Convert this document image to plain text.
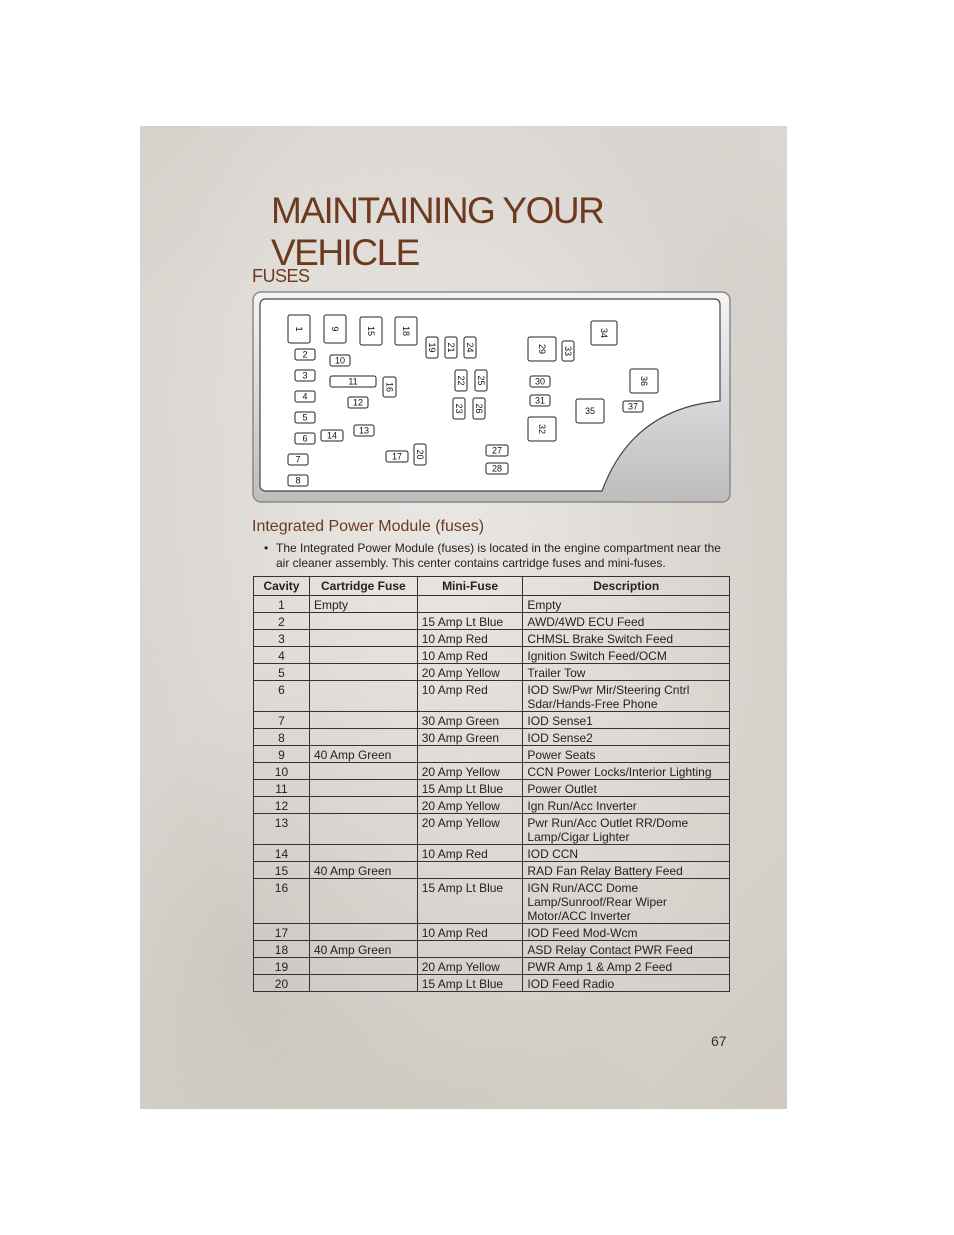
MAINTAINING YOUR VEHICLE
FUSES
1
2
3
4
5
6
7
8
9
10
11
12
13
14
15
16
17
18
19
20
21
22
23
24
25
26
27
28
29
30
31
32
33
34
35
36
37
Integrated Power Module (fuses)
• The Integrated Power Module (fuses) is located in the engine compartment near the air cleaner assembly. This center contains cartridge fuses and mini-fuses.
Cavity	Cartridge Fuse	Mini-Fuse	Description
1	Empty		Empty
2		15 Amp Lt Blue	AWD/4WD ECU Feed
3		10 Amp Red	CHMSL Brake Switch Feed
4		10 Amp Red	Ignition Switch Feed/OCM
5		20 Amp Yellow	Trailer Tow
6		10 Amp Red	IOD Sw/Pwr Mir/Steering Cntrl Sdar/Hands-Free Phone
7		30 Amp Green	IOD Sense1
8		30 Amp Green	IOD Sense2
9	40 Amp Green		Power Seats
10		20 Amp Yellow	CCN Power Locks/Interior Lighting
11		15 Amp Lt Blue	Power Outlet
12		20 Amp Yellow	Ign Run/Acc Inverter
13		20 Amp Yellow	Pwr Run/Acc Outlet RR/Dome Lamp/Cigar Lighter
14		10 Amp Red	IOD CCN
15	40 Amp Green		RAD Fan Relay Battery Feed
16		15 Amp Lt Blue	IGN Run/ACC Dome Lamp/Sunroof/Rear Wiper Motor/ACC Inverter
17		10 Amp Red	IOD Feed Mod-Wcm
18	40 Amp Green		ASD Relay Contact PWR Feed
19		20 Amp Yellow	PWR Amp 1 & Amp 2 Feed
20		15 Amp Lt Blue	IOD Feed Radio
67
